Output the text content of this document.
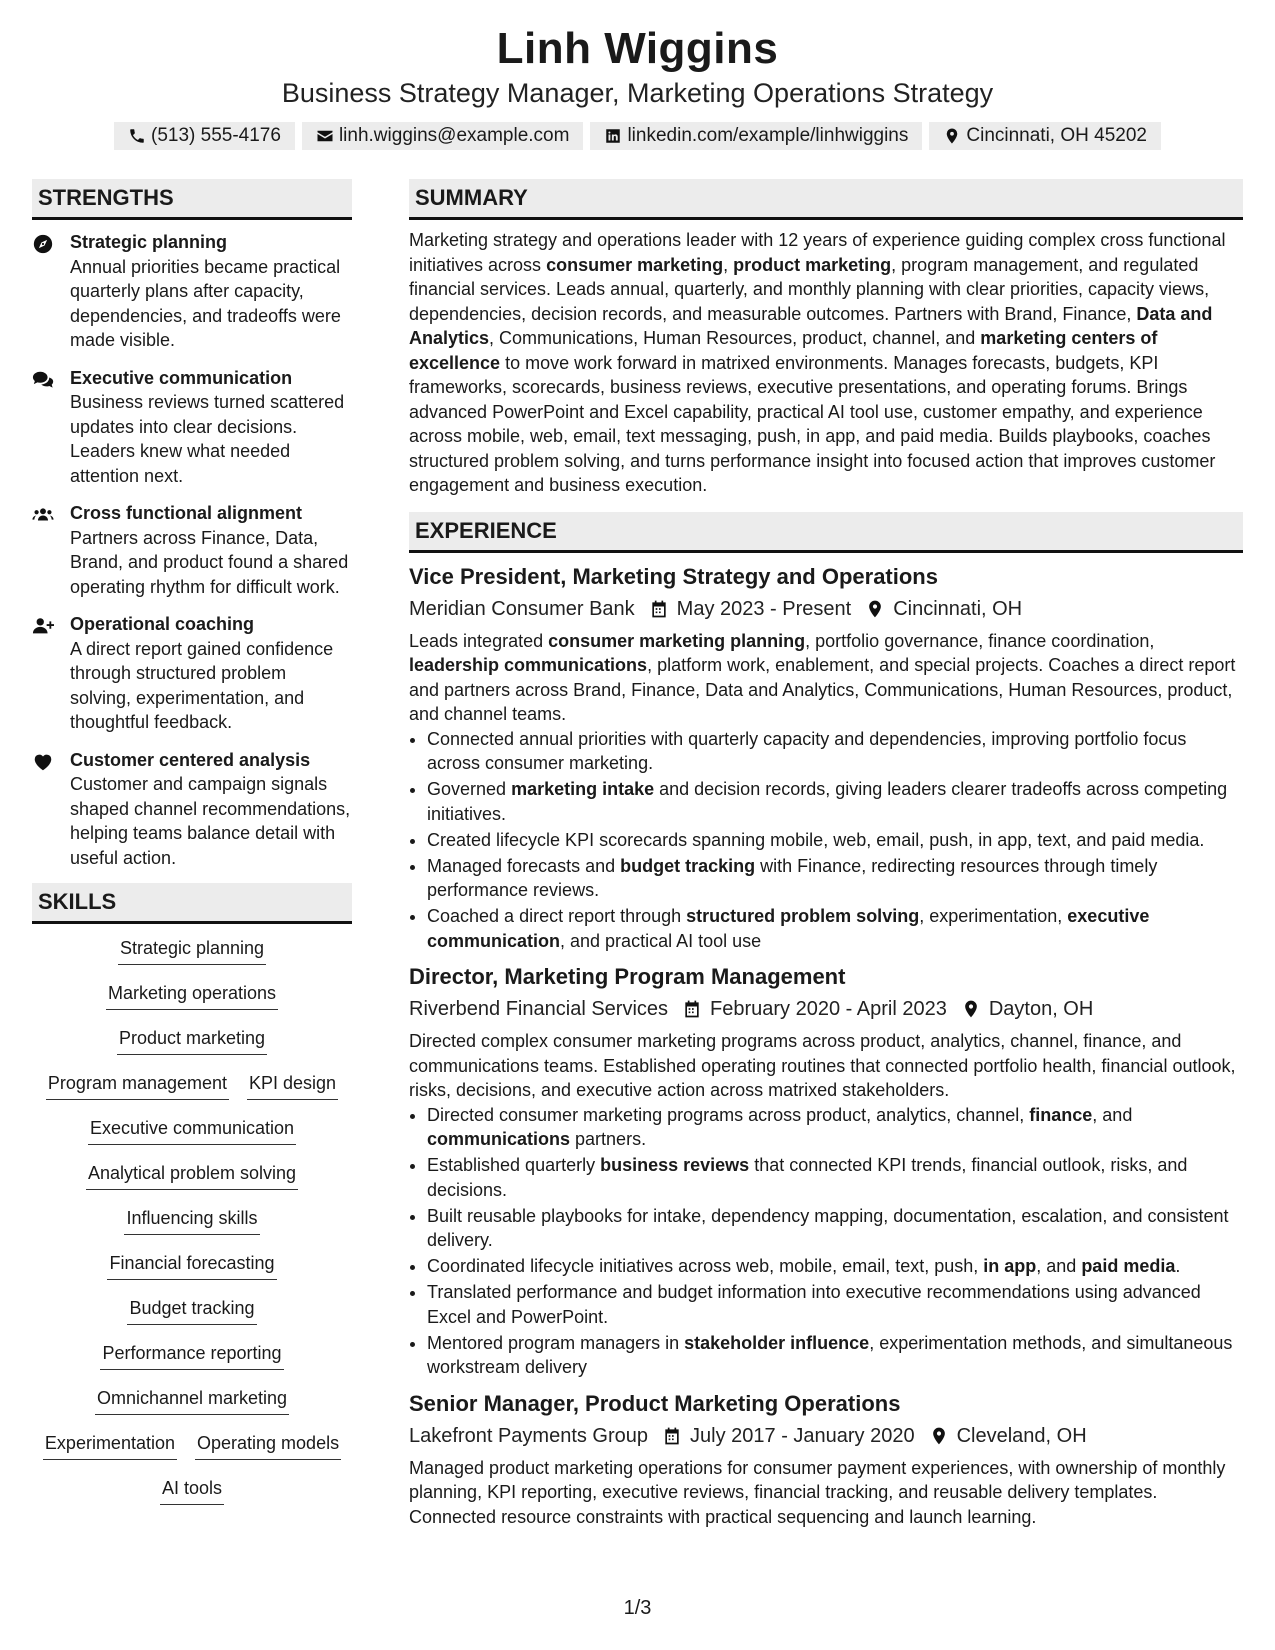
Linh Wiggins

Business Strategy Manager, Marketing Operations Strategy

(513) 555-4176	linh.wiggins@example.com	linkedin.com/example/linhwiggins	Cincinnati, OH 45202
STRENGTHS
Strategic planning
Annual priorities became practical quarterly plans after capacity, dependencies, and tradeoffs were made visible.
Executive communication
Business reviews turned scattered updates into clear decisions. Leaders knew what needed attention next.
Cross functional alignment
Partners across Finance, Data, Brand, and product found a shared operating rhythm for difficult work.
Operational coaching
A direct report gained confidence through structured problem solving, experimentation, and thoughtful feedback.
Customer centered analysis
Customer and campaign signals shaped channel recommendations, helping teams balance detail with useful action.
SKILLS
Strategic planning
Marketing operations
Product marketing
Program management KPI design
Executive communication
Analytical problem solving
Influencing skills
Financial forecasting
Budget tracking
Performance reporting
Omnichannel marketing
Experimentation Operating models
AI tools
SUMMARY

Marketing strategy and operations leader with 12 years of experience guiding complex cross functional initiatives across consumer marketing, product marketing, program management, and regulated financial services. Leads annual, quarterly, and monthly planning with clear priorities, capacity views, dependencies, decision records, and measurable outcomes. Partners with Brand, Finance, Data and Analytics, Communications, Human Resources, product, channel, and marketing centers of excellence to move work forward in matrixed environments. Manages forecasts, budgets, KPI frameworks, scorecards, business reviews, executive presentations, and operating forums. Brings advanced PowerPoint and Excel capability, practical AI tool use, customer empathy, and experience across mobile, web, email, text messaging, push, in app, and paid media. Builds playbooks, coaches structured problem solving, and turns performance insight into focused action that improves customer engagement and business execution.

EXPERIENCE
Vice President, Marketing Strategy and Operations
Meridian Consumer Bank May 2023 - Present Cincinnati, OH

Leads integrated consumer marketing planning, portfolio governance, finance coordination, leadership communications, platform work, enablement, and special projects. Coaches a direct report and partners across Brand, Finance, Data and Analytics, Communications, Human Resources, product, and channel teams.

• Connected annual priorities with quarterly capacity and dependencies, improving portfolio focus across consumer marketing.
• Governed marketing intake and decision records, giving leaders clearer tradeoffs across competing initiatives.
• Created lifecycle KPI scorecards spanning mobile, web, email, push, in app, text, and paid media.
• Managed forecasts and budget tracking with Finance, redirecting resources through timely performance reviews.
• Coached a direct report through structured problem solving, experimentation, executive communication, and practical AI tool use
Director, Marketing Program Management
Riverbend Financial Services February 2020 - April 2023 Dayton, OH

Directed complex consumer marketing programs across product, analytics, channel, finance, and communications teams. Established operating routines that connected portfolio health, financial outlook, risks, decisions, and executive action across matrixed stakeholders.

• Directed consumer marketing programs across product, analytics, channel, finance, and communications partners.
• Established quarterly business reviews that connected KPI trends, financial outlook, risks, and decisions.
• Built reusable playbooks for intake, dependency mapping, documentation, escalation, and consistent delivery.
• Coordinated lifecycle initiatives across web, mobile, email, text, push, in app, and paid media.
• Translated performance and budget information into executive recommendations using advanced Excel and PowerPoint.
• Mentored program managers in stakeholder influence, experimentation methods, and simultaneous workstream delivery
Senior Manager, Product Marketing Operations
Lakefront Payments Group July 2017 - January 2020 Cleveland, OH

Managed product marketing operations for consumer payment experiences, with ownership of monthly planning, KPI reporting, executive reviews, financial tracking, and reusable delivery templates. Connected resource constraints with practical sequencing and launch learning.

1/3
